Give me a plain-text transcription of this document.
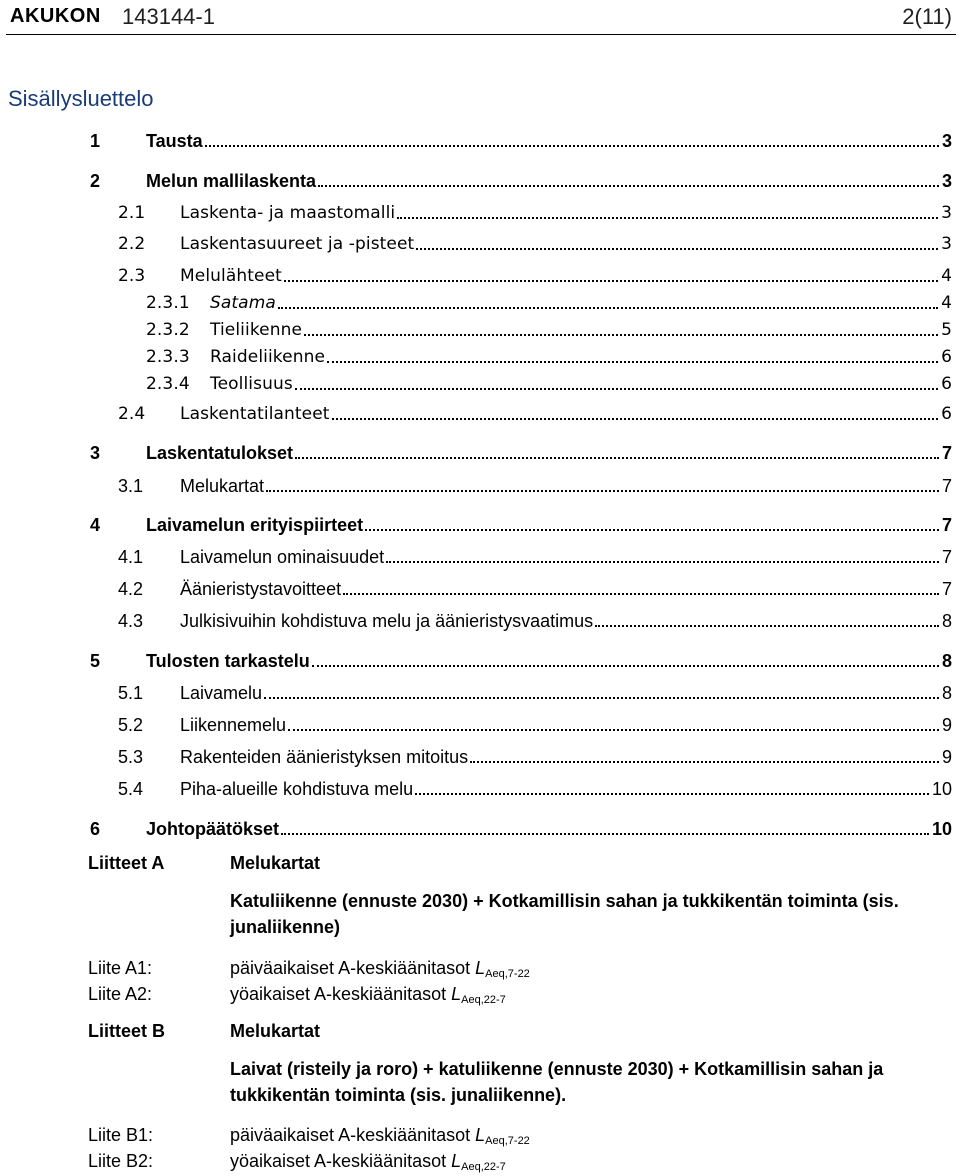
AKUKON 143144-1	2(11)
Sisällysluettelo
1	Tausta	3
2	Melun mallilaskenta	3
2.1	Laskenta- ja maastomalli	3
2.2	Laskentasuureet ja -pisteet	3
2.3	Melulähteet	4
2.3.1	Satama	4
2.3.2	Tieliikenne	5
2.3.3	Raideliikenne	6
2.3.4	Teollisuus	6
2.4	Laskentatilanteet	6
3	Laskentatulokset	7
3.1	Melukartat	7
4	Laivamelun erityispiirteet	7
4.1	Laivamelun ominaisuudet	7
4.2	Äänieristystavoitteet	7
4.3	Julkisivuihin kohdistuva melu ja äänieristysvaatimus	8
5	Tulosten tarkastelu	8
5.1	Laivamelu	8
5.2	Liikennemelu	9
5.3	Rakenteiden äänieristyksen mitoitus	9
5.4	Piha-alueille kohdistuva melu	10
6	Johtopäätökset	10
Liitteet A	Melukartat
Katuliikenne (ennuste 2030) + Kotkamillisin sahan ja tukkikentän toiminta (sis. junaliikenne)
Liite A1:	päiväaikaiset A-keskiäänitasot $L_{Aeq,7-22}$
Liite A2:	yöaikaiset A-keskiäänitasot $L_{Aeq,22-7}$
Liitteet B	Melukartat
Laivat (risteily ja roro) + katuliikenne (ennuste 2030) + Kotkamillisin sahan ja tukkikentän toiminta (sis. junaliikenne).
Liite B1:	päiväaikaiset A-keskiäänitasot $L_{Aeq,7-22}$
Liite B2:	yöaikaiset A-keskiäänitasot $L_{Aeq,22-7}$
